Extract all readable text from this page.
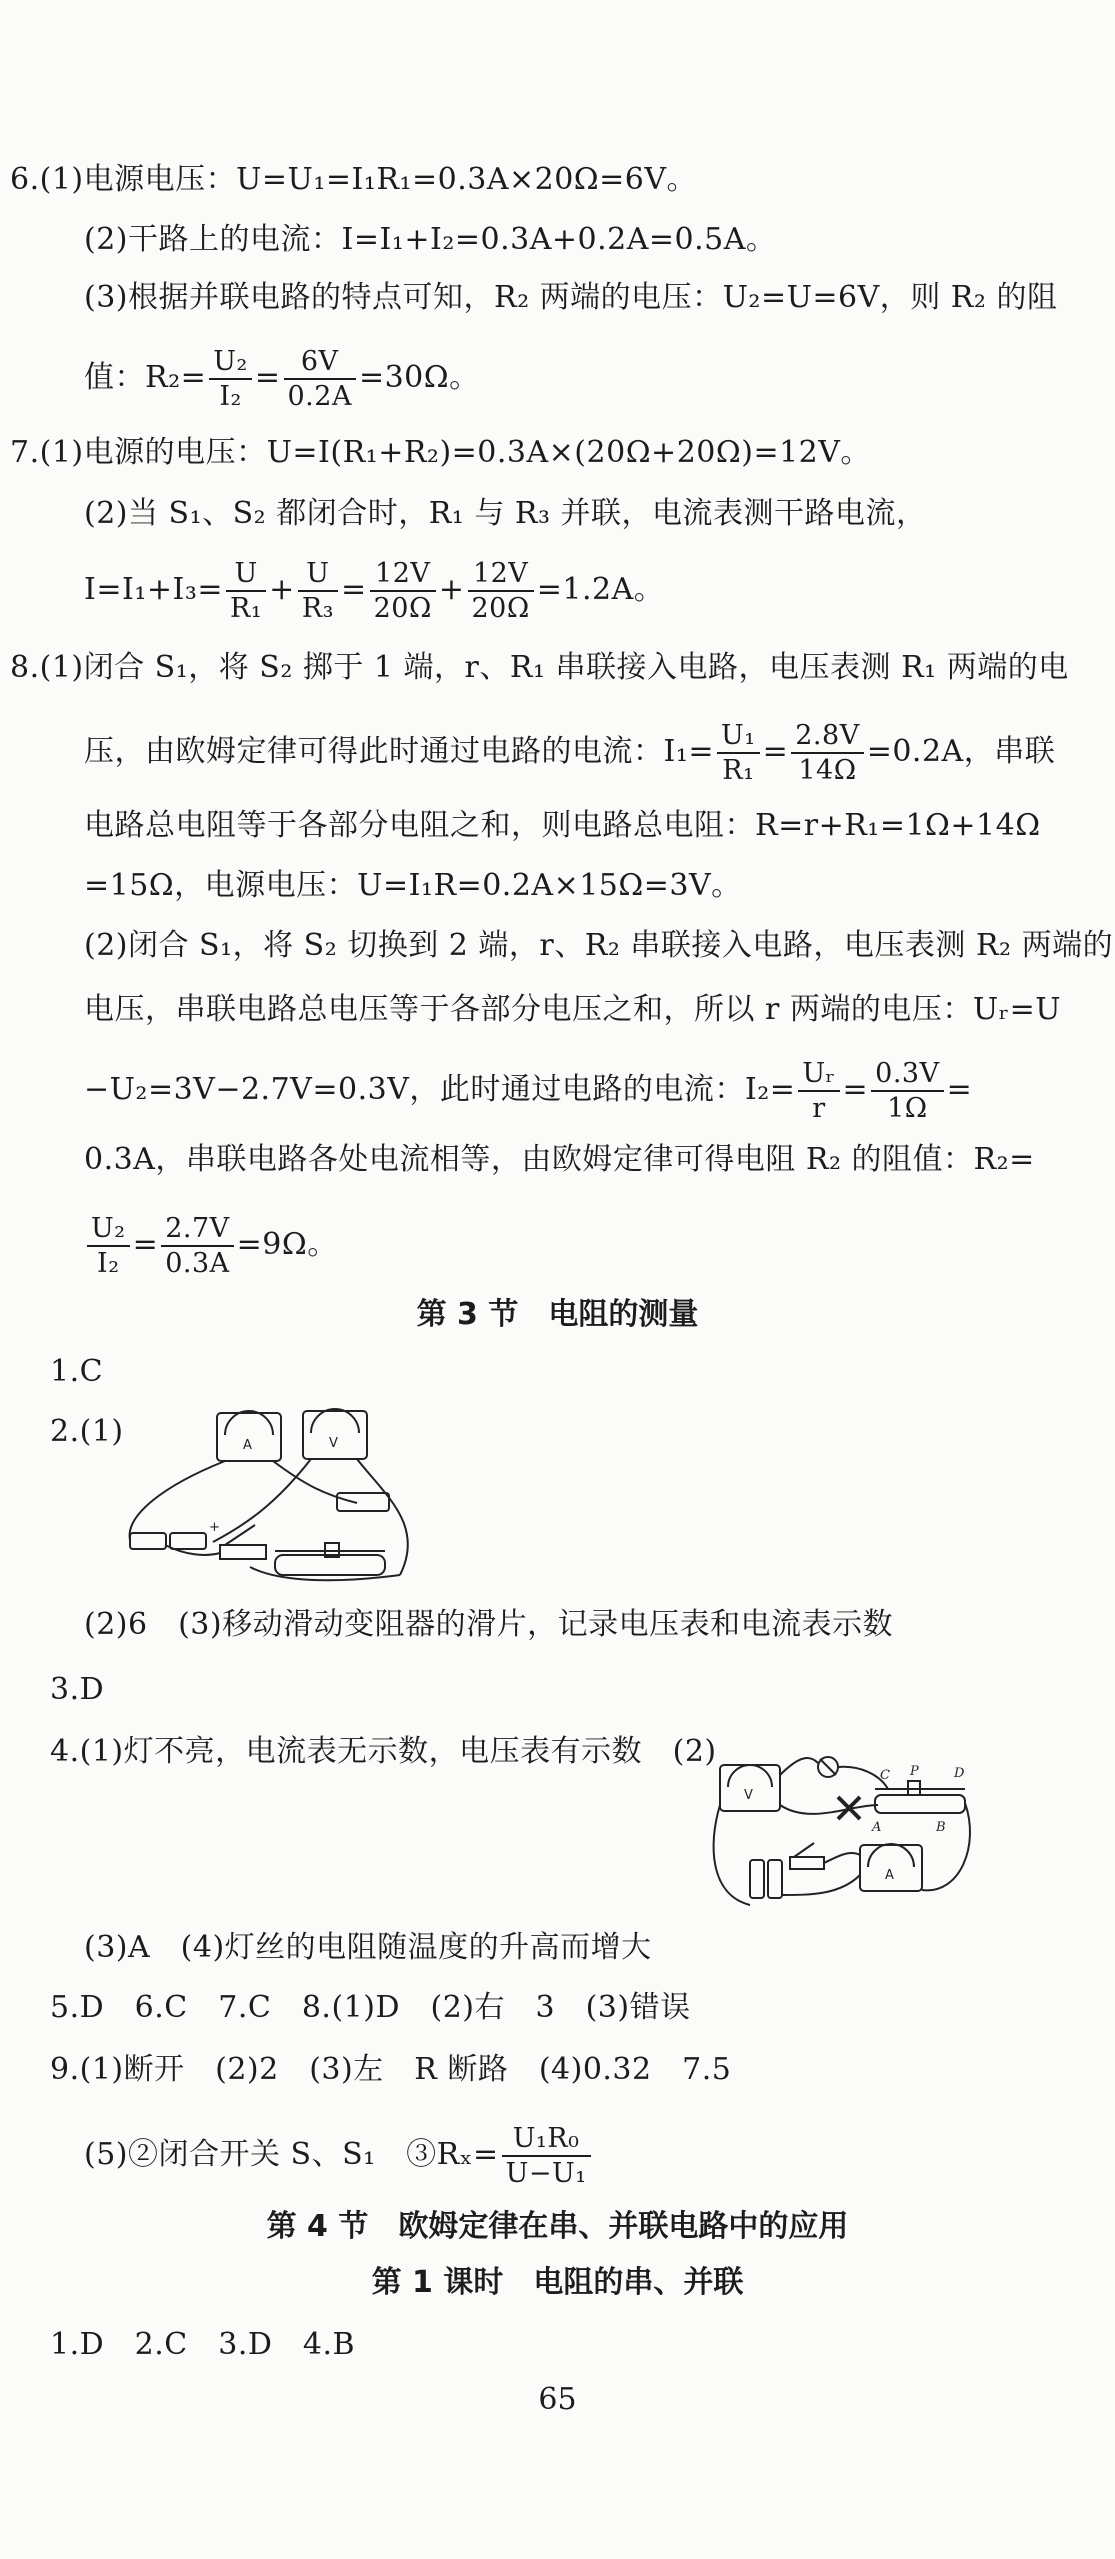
6.(1)电源电压：U=U₁=I₁R₁=0.3A×20Ω=6V。
(2)干路上的电流：I=I₁+I₂=0.3A+0.2A=0.5A。
(3)根据并联电路的特点可知，R₂ 两端的电压：U₂=U=6V，则 R₂ 的阻
值：$R_2= \frac{\text{U₂}}{\text{I₂}} = \frac{6V}{0.2A} =30\Omega$。
7.(1)电源的电压：U=I(R₁+R₂)=0.3A×(20Ω+20Ω)=12V。
(2)当 S₁、S₂ 都闭合时，R₁ 与 R₃ 并联，电流表测干路电流，
$I=I_1+I_3= \frac{U}{\text{R₁}} + \frac{U}{\text{R₃}} = \frac{12V}{20\Omega} + \frac{12V}{20\Omega} =1.2A$。
8.(1)闭合 S₁，将 S₂ 掷于 1 端，r、R₁ 串联接入电路，电压表测 R₁ 两端的电
压，由欧姆定律可得此时通过电路的电流：$I_1= \frac{\text{U₁}}{\text{R₁}} = \frac{2.8V}{14\Omega} =0.2A$，串联
电路总电阻等于各部分电阻之和，则电路总电阻：R=r+R₁=1Ω+14Ω
=15Ω，电源电压：U=I₁R=0.2A×15Ω=3V。
(2)闭合 S₁，将 S₂ 切换到 2 端，r、R₂ 串联接入电路，电压表测 R₂ 两端的
电压，串联电路总电压等于各部分电压之和，所以 r 两端的电压：Uᵣ=U
−U₂=3V−2.7V=0.3V，此时通过电路的电流：$I_2= \frac{\text{Uᵣ}}{r} = \frac{0.3V}{1\Omega}$ =
0.3A，串联电路各处电流相等，由欧姆定律可得电阻 R₂ 的阻值：R₂=
$\frac{\text{U₂}}{\text{I₂}} = \frac{2.7V}{0.3A} =9\Omega$。
第 3 节　电阻的测量
1.C
2.(1)	A	V
+
(2)6　(3)移动滑动变阻器的滑片，记录电压表和电流表示数
3.D
4.(1)灯不亮，电流表无示数，电压表有示数　(2)
V
A
C P	D
A	B
(3)A　(4)灯丝的电阻随温度的升高而增大
5.D　6.C　7.C　8.(1)D　(2)右　3　(3)错误
9.(1)断开　(2)2　(3)左　R 断路　(4)0.32　7.5
(5)②闭合开关 S、S₁　③Rₓ= $\frac{\text{U₁R₀}}{\text{U−U₁}}$
第 4 节　欧姆定律在串、并联电路中的应用
第 1 课时　电阻的串、并联
1.D　2.C　3.D　4.B
65
